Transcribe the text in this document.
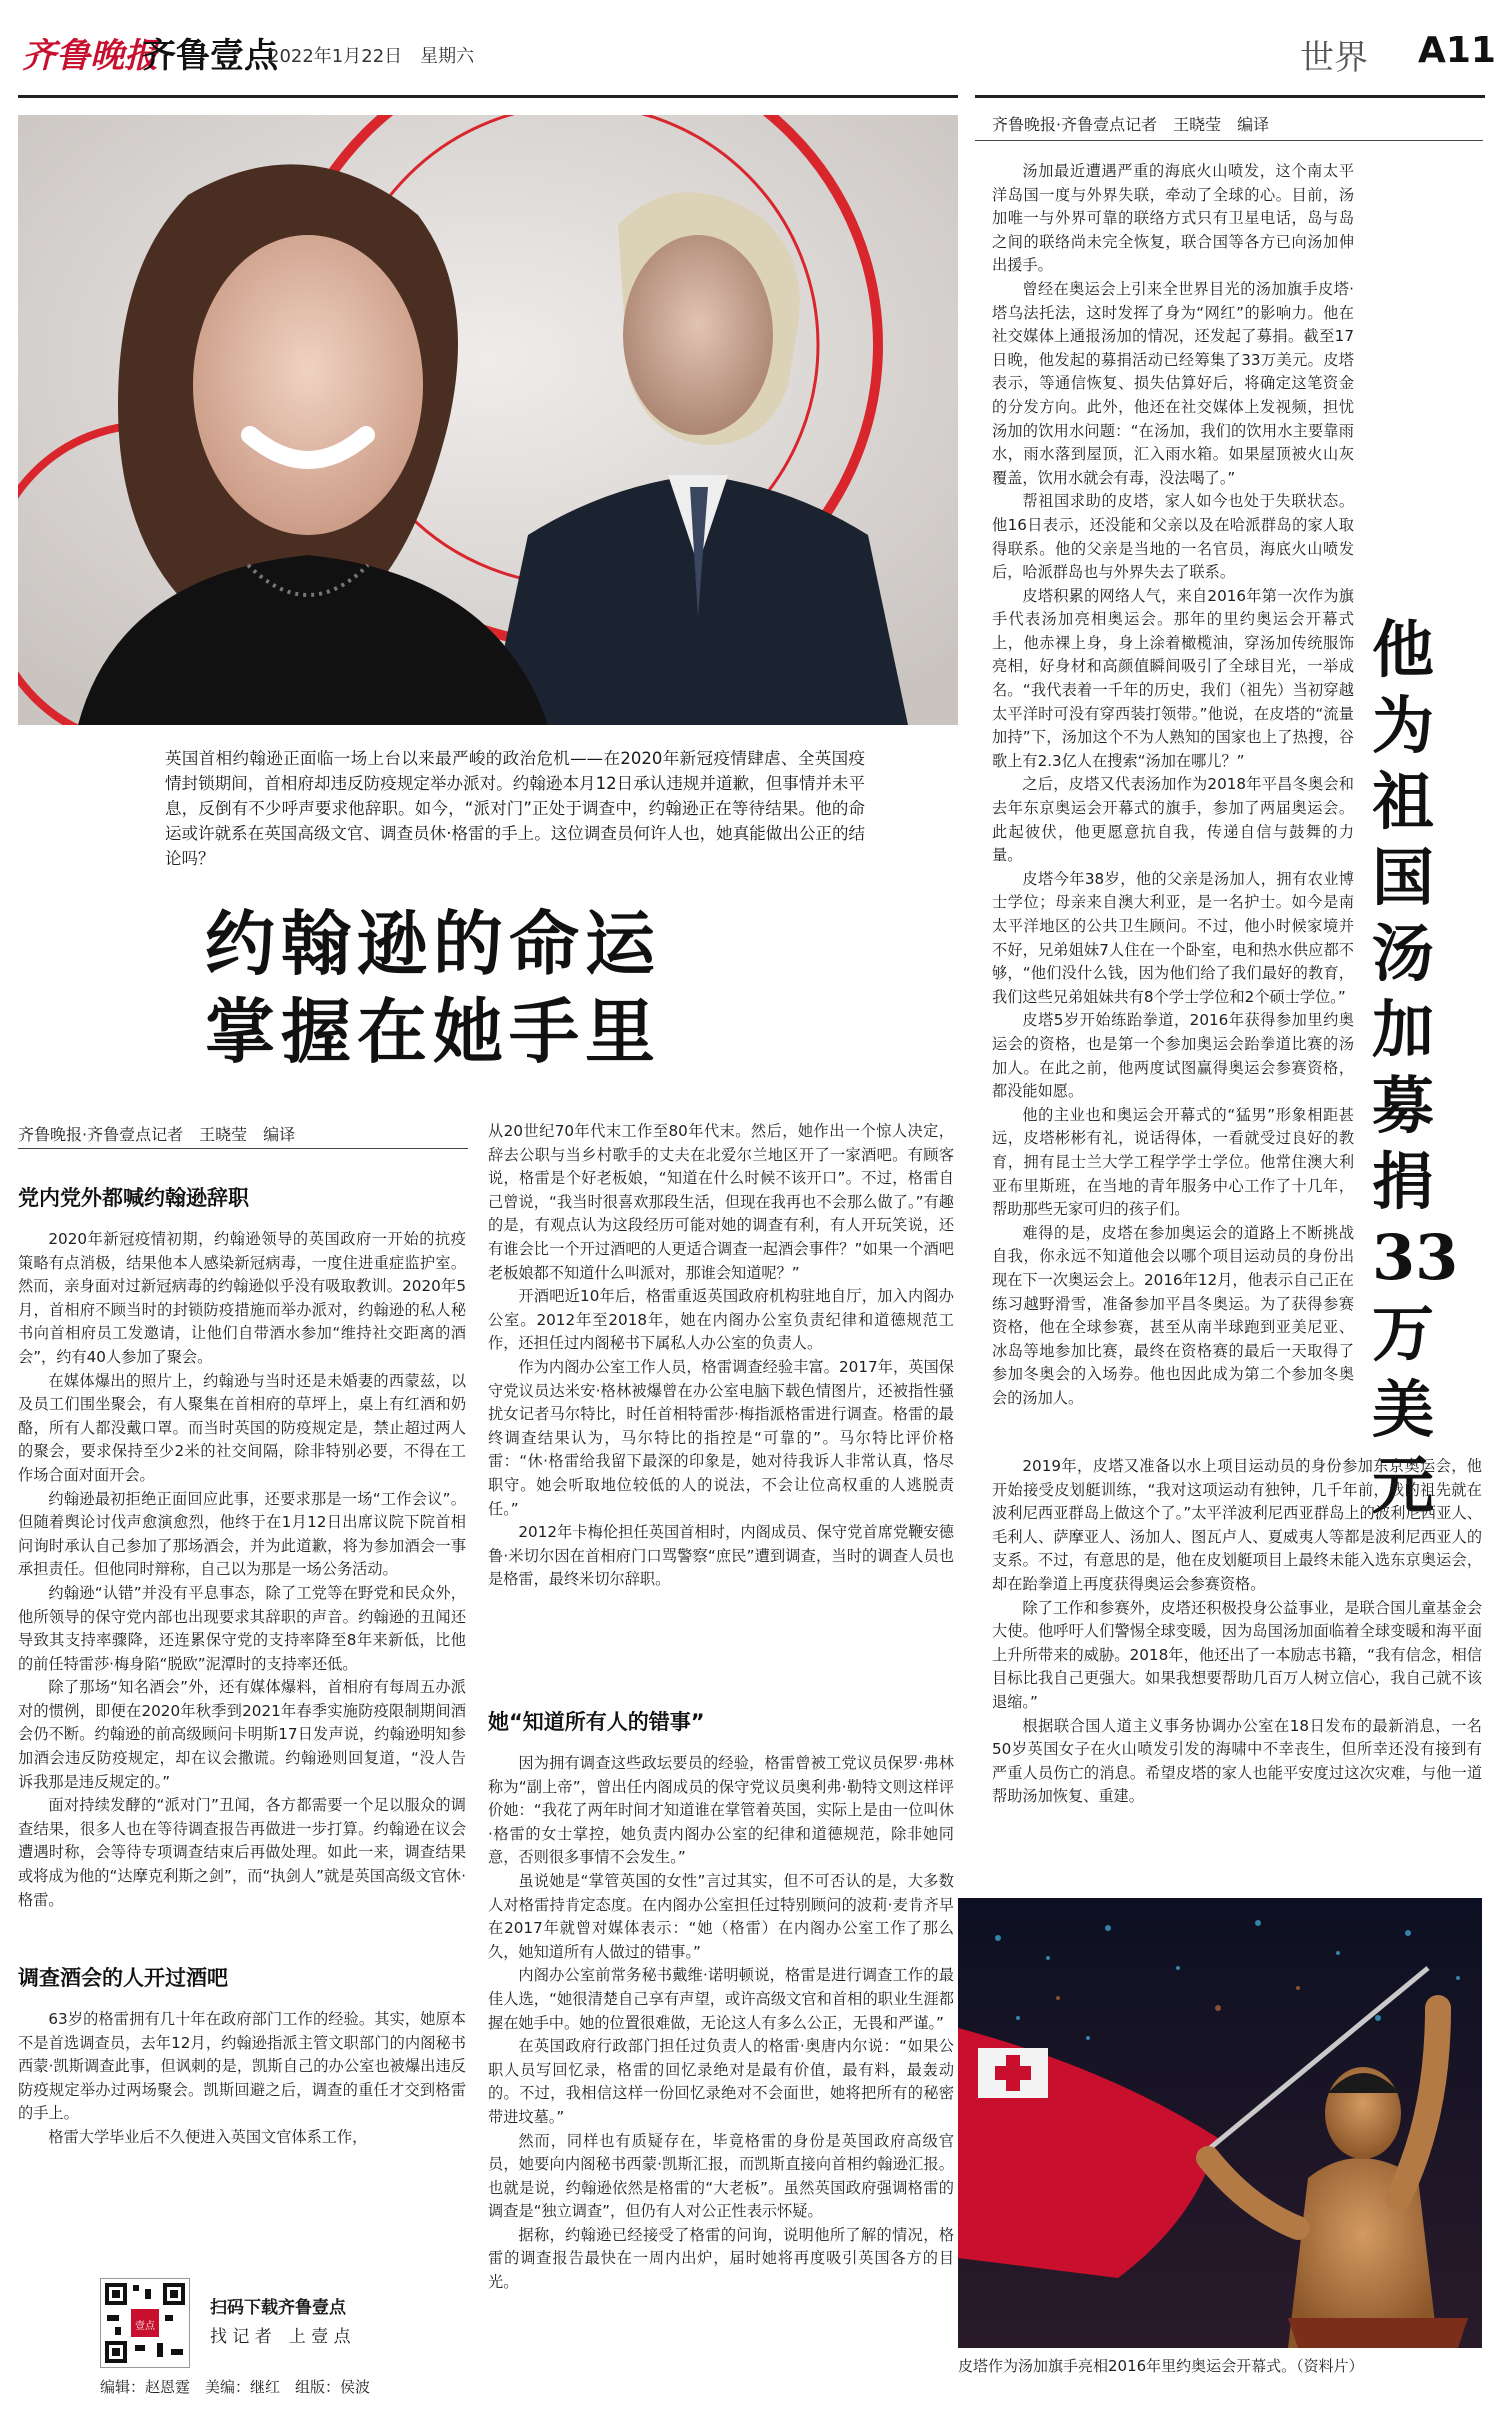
齐鲁晚报
齐鲁壹点
2022年1月22日　星期六	世界 A11
英国首相约翰逊正面临一场上台以来最严峻的政治危机——在2020年新冠疫情肆虐、全英国疫情封锁期间，首相府却违反防疫规定举办派对。约翰逊本月12日承认违规并道歉，但事情并未平息，反倒有不少呼声要求他辞职。如今，“派对门”正处于调查中，约翰逊正在等待结果。他的命运或许就系在英国高级文官、调查员休·格雷的手上。这位调查员何许人也，她真能做出公正的结论吗？
约翰逊的命运
掌握在她手里
齐鲁晚报·齐鲁壹点记者　王晓莹　编译
党内党外都喊约翰逊辞职

2020年新冠疫情初期，约翰逊领导的英国政府一开始的抗疫策略有点消极，结果他本人感染新冠病毒，一度住进重症监护室。然而，亲身面对过新冠病毒的约翰逊似乎没有吸取教训。2020年5月，首相府不顾当时的封锁防疫措施而举办派对，约翰逊的私人秘书向首相府员工发邀请，让他们自带酒水参加“维持社交距离的酒会”，约有40人参加了聚会。

在媒体爆出的照片上，约翰逊与当时还是未婚妻的西蒙兹，以及员工们围坐聚会，有人聚集在首相府的草坪上，桌上有红酒和奶酪，所有人都没戴口罩。而当时英国的防疫规定是，禁止超过两人的聚会，要求保持至少2米的社交间隔，除非特别必要，不得在工作场合面对面开会。

约翰逊最初拒绝正面回应此事，还要求那是一场“工作会议”。但随着舆论讨伐声愈演愈烈，他终于在1月12日出席议院下院首相问询时承认自己参加了那场酒会，并为此道歉，将为参加酒会一事承担责任。但他同时辩称，自己以为那是一场公务活动。

约翰逊“认错”并没有平息事态，除了工党等在野党和民众外，他所领导的保守党内部也出现要求其辞职的声音。约翰逊的丑闻还导致其支持率骤降，还连累保守党的支持率降至8年来新低，比他的前任特雷莎·梅身陷“脱欧”泥潭时的支持率还低。

除了那场“知名酒会”外，还有媒体爆料，首相府有每周五办派对的惯例，即便在2020年秋季到2021年春季实施防疫限制期间酒会仍不断。约翰逊的前高级顾问卡明斯17日发声说，约翰逊明知参加酒会违反防疫规定，却在议会撒谎。约翰逊则回复道，“没人告诉我那是违反规定的。”

面对持续发酵的“派对门”丑闻，各方都需要一个足以服众的调查结果，很多人也在等待调查报告再做进一步打算。约翰逊在议会遭遇时称，会等待专项调查结束后再做处理。如此一来，调查结果或将成为他的“达摩克利斯之剑”，而“执剑人”就是英国高级文官休·格雷。

调查酒会的人开过酒吧

63岁的格雷拥有几十年在政府部门工作的经验。其实，她原本不是首选调查员，去年12月，约翰逊指派主管文职部门的内阁秘书西蒙·凯斯调查此事，但讽刺的是，凯斯自己的办公室也被爆出违反防疫规定举办过两场聚会。凯斯回避之后，调查的重任才交到格雷的手上。

格雷大学毕业后不久便进入英国文官体系工作，

从20世纪70年代末工作至80年代末。然后，她作出一个惊人决定，辞去公职与当乡村歌手的丈夫在北爱尔兰地区开了一家酒吧。有顾客说，格雷是个好老板娘，“知道在什么时候不该开口”。不过，格雷自己曾说，“我当时很喜欢那段生活，但现在我再也不会那么做了。”有趣的是，有观点认为这段经历可能对她的调查有利，有人开玩笑说，还有谁会比一个开过酒吧的人更适合调查一起酒会事件？”如果一个酒吧老板娘都不知道什么叫派对，那谁会知道呢？”

开酒吧近10年后，格雷重返英国政府机构驻地自厅，加入内阁办公室。2012年至2018年，她在内阁办公室负责纪律和道德规范工作，还担任过内阁秘书下属私人办公室的负责人。

作为内阁办公室工作人员，格雷调查经验丰富。2017年，英国保守党议员达米安·格林被爆曾在办公室电脑下载色情图片，还被指性骚扰女记者马尔特比，时任首相特雷莎·梅指派格雷进行调查。格雷的最终调查结果认为，马尔特比的指控是“可靠的”。马尔特比评价格雷：“休·格雷给我留下最深的印象是，她对待我诉人非常认真，恪尽职守。她会听取地位较低的人的说法，不会让位高权重的人逃脱责任。”

2012年卡梅伦担任英国首相时，内阁成员、保守党首席党鞭安德鲁·米切尔因在首相府门口骂警察“庶民”遭到调查，当时的调查人员也是格雷，最终米切尔辞职。

她“知道所有人的错事”

因为拥有调查这些政坛要员的经验，格雷曾被工党议员保罗·弗林称为“副上帝”，曾出任内阁成员的保守党议员奥利弗·勒特文则这样评价她：“我花了两年时间才知道谁在掌管着英国，实际上是由一位叫休·格雷的女士掌控，她负责内阁办公室的纪律和道德规范，除非她同意，否则很多事情不会发生。”

虽说她是“掌管英国的女性”言过其实，但不可否认的是，大多数人对格雷持肯定态度。在内阁办公室担任过特别顾问的波莉·麦肯齐早在2017年就曾对媒体表示：“她（格雷）在内阁办公室工作了那么久，她知道所有人做过的错事。”

内阁办公室前常务秘书戴维·诺明顿说，格雷是进行调查工作的最佳人选，“她很清楚自己享有声望，或许高级文官和首相的职业生涯都握在她手中。她的位置很难做，无论这人有多么公正，无畏和严谨。”

在英国政府行政部门担任过负责人的格雷·奥唐内尔说：“如果公职人员写回忆录，格雷的回忆录绝对是最有价值，最有料，最轰动的。不过，我相信这样一份回忆录绝对不会面世，她将把所有的秘密带进坟墓。”

然而，同样也有质疑存在，毕竟格雷的身份是英国政府高级官员，她要向内阁秘书西蒙·凯斯汇报，而凯斯直接向首相约翰逊汇报。也就是说，约翰逊依然是格雷的“大老板”。虽然英国政府强调格雷的调查是“独立调查”，但仍有人对公正性表示怀疑。

据称，约翰逊已经接受了格雷的问询，说明他所了解的情况，格雷的调查报告最快在一周内出炉，届时她将再度吸引英国各方的目光。

壹点
扫码下载齐鲁壹点
找 记 者　上 壹 点
编辑：赵恩霆　美编：继红　组版：侯波
齐鲁晚报·齐鲁壹点记者　王晓莹　编译
他为祖国汤加募捐33万美元

汤加最近遭遇严重的海底火山喷发，这个南太平洋岛国一度与外界失联，牵动了全球的心。目前，汤加唯一与外界可靠的联络方式只有卫星电话，岛与岛之间的联络尚未完全恢复，联合国等各方已向汤加伸出援手。

曾经在奥运会上引来全世界目光的汤加旗手皮塔·塔乌法托法，这时发挥了身为“网红”的影响力。他在社交媒体上通报汤加的情况，还发起了募捐。截至17日晚，他发起的募捐活动已经筹集了33万美元。皮塔表示，等通信恢复、损失估算好后，将确定这笔资金的分发方向。此外，他还在社交媒体上发视频，担忧汤加的饮用水问题：“在汤加，我们的饮用水主要靠雨水，雨水落到屋顶，汇入雨水箱。如果屋顶被火山灰覆盖，饮用水就会有毒，没法喝了。”

帮祖国求助的皮塔，家人如今也处于失联状态。他16日表示，还没能和父亲以及在哈派群岛的家人取得联系。他的父亲是当地的一名官员，海底火山喷发后，哈派群岛也与外界失去了联系。

皮塔积累的网络人气，来自2016年第一次作为旗手代表汤加亮相奥运会。那年的里约奥运会开幕式上，他赤裸上身，身上涂着橄榄油，穿汤加传统服饰亮相，好身材和高颜值瞬间吸引了全球目光，一举成名。“我代表着一千年的历史，我们（祖先）当初穿越太平洋时可没有穿西装打领带。”他说，在皮塔的“流量加持”下，汤加这个不为人熟知的国家也上了热搜，谷歌上有2.3亿人在搜索“汤加在哪儿？”

之后，皮塔又代表汤加作为2018年平昌冬奥会和去年东京奥运会开幕式的旗手，参加了两届奥运会。此起彼伏，他更愿意抗自我，传递自信与鼓舞的力量。

皮塔今年38岁，他的父亲是汤加人，拥有农业博士学位；母亲来自澳大利亚，是一名护士。如今是南太平洋地区的公共卫生顾问。不过，他小时候家境并不好，兄弟姐妹7人住在一个卧室，电和热水供应都不够，“他们没什么钱，因为他们给了我们最好的教育，我们这些兄弟姐妹共有8个学士学位和2个硕士学位。”

皮塔5岁开始练跆拳道，2016年获得参加里约奥运会的资格，也是第一个参加奥运会跆拳道比赛的汤加人。在此之前，他两度试图赢得奥运会参赛资格，都没能如愿。

他的主业也和奥运会开幕式的“猛男”形象相距甚远，皮塔彬彬有礼，说话得体，一看就受过良好的教育，拥有昆士兰大学工程学学士学位。他常住澳大利亚布里斯班，在当地的青年服务中心工作了十几年，帮助那些无家可归的孩子们。

难得的是，皮塔在参加奥运会的道路上不断挑战自我，你永远不知道他会以哪个项目运动员的身份出现在下一次奥运会上。2016年12月，他表示自己正在练习越野滑雪，准备参加平昌冬奥运。为了获得参赛资格，他在全球参赛，甚至从南半球跑到亚美尼亚、冰岛等地参加比赛，最终在资格赛的最后一天取得了参加冬奥会的入场券。他也因此成为第二个参加冬奥会的汤加人。

2019年，皮塔又准备以水上项目运动员的身份参加东京奥运会，他开始接受皮划艇训练，“我对这项运动有独钟，几千年前，我的祖先就在波利尼西亚群岛上做这个了。”太平洋波利尼西亚群岛上的波利尼西亚人、毛利人、萨摩亚人、汤加人、图瓦卢人、夏威夷人等都是波利尼西亚人的支系。不过，有意思的是，他在皮划艇项目上最终未能入选东京奥运会，却在跆拳道上再度获得奥运会参赛资格。

除了工作和参赛外，皮塔还积极投身公益事业，是联合国儿童基金会大使。他呼吁人们警惕全球变暖，因为岛国汤加面临着全球变暖和海平面上升所带来的威胁。2018年，他还出了一本励志书籍，“我有信念，相信目标比我自己更强大。如果我想要帮助几百万人树立信心，我自己就不该退缩。”

根据联合国人道主义事务协调办公室在18日发布的最新消息，一名50岁英国女子在火山喷发引发的海啸中不幸丧生，但所幸还没有接到有严重人员伤亡的消息。希望皮塔的家人也能平安度过这次灾难，与他一道帮助汤加恢复、重建。

皮塔作为汤加旗手亮相2016年里约奥运会开幕式。（资料片）
